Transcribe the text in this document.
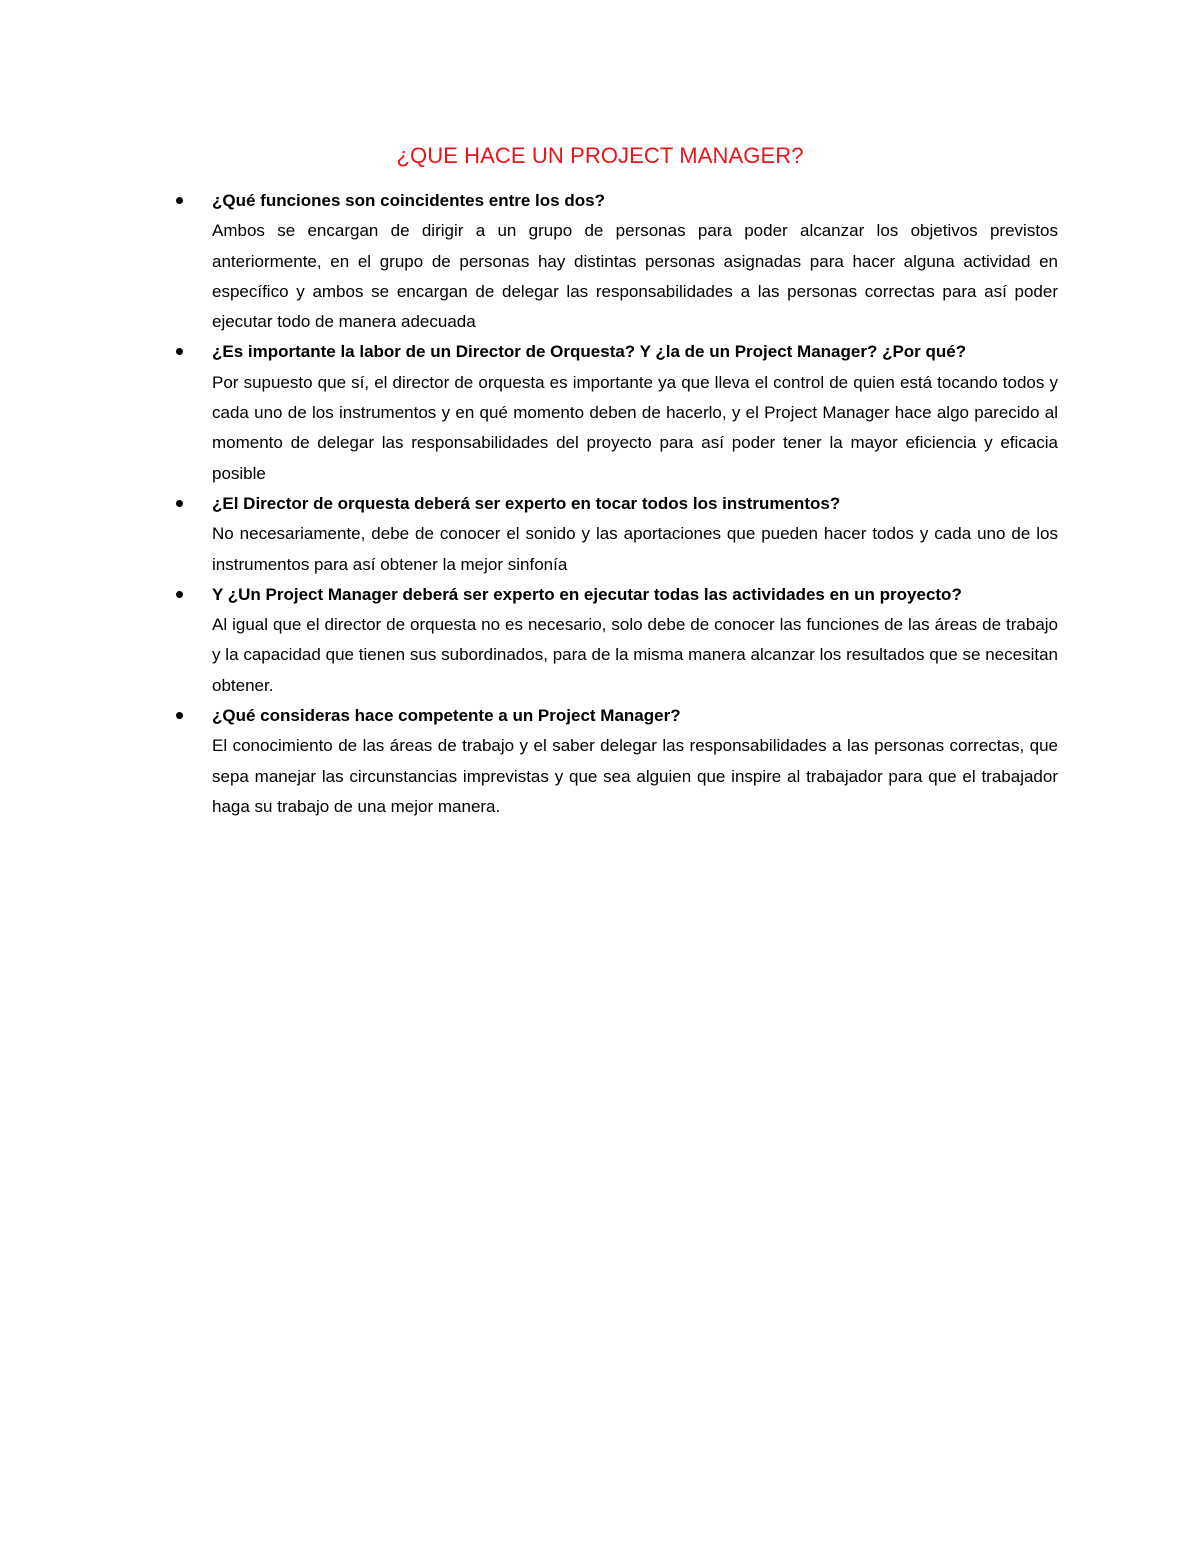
¿QUE HACE UN PROJECT MANAGER?
¿Qué funciones son coincidentes entre los dos?
Ambos se encargan de dirigir a un grupo de personas para poder alcanzar los objetivos previstos anteriormente, en el grupo de personas hay distintas personas asignadas para hacer alguna actividad en específico y ambos se encargan de delegar las responsabilidades a las personas correctas para así poder ejecutar todo de manera adecuada
¿Es importante la labor de un Director de Orquesta? Y ¿la de un Project Manager? ¿Por qué?
Por supuesto que sí, el director de orquesta es importante ya que lleva el control de quien está tocando todos y cada uno de los instrumentos y en qué momento deben de hacerlo, y el Project Manager hace algo parecido al momento de delegar las responsabilidades del proyecto para así poder tener la mayor eficiencia y eficacia posible
¿El Director de orquesta deberá ser experto en tocar todos los instrumentos?
No necesariamente, debe de conocer el sonido y las aportaciones que pueden hacer todos y cada uno de los instrumentos para así obtener la mejor sinfonía
Y ¿Un Project Manager deberá ser experto en ejecutar todas las actividades en un proyecto?
Al igual que el director de orquesta no es necesario, solo debe de conocer las funciones de las áreas de trabajo y la capacidad que tienen sus subordinados, para de la misma manera alcanzar los resultados que se necesitan obtener.
¿Qué consideras hace competente a un Project Manager?
El conocimiento de las áreas de trabajo y el saber delegar las responsabilidades a las personas correctas, que sepa manejar las circunstancias imprevistas y que sea alguien que inspire al trabajador para que el trabajador haga su trabajo de una mejor manera.
